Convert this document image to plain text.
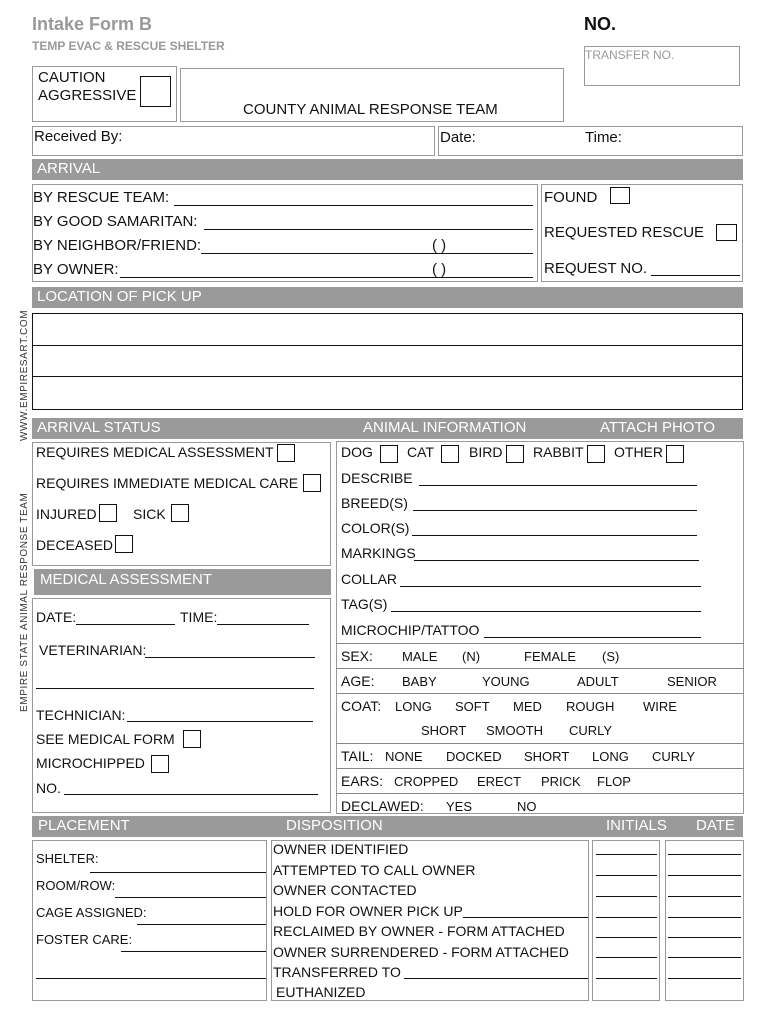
Intake Form B
TEMP EVAC & RESCUE SHELTER
NO.
TRANSFER NO.
CAUTION
AGGRESSIVE
COUNTY ANIMAL RESPONSE TEAM
Received By:	Date:	Time:
ARRIVAL
BY RESCUE TEAM:
BY GOOD SAMARITAN:
BY NEIGHBOR/FRIEND:	( )
BY OWNER:	( )
FOUND
REQUESTED RESCUE
REQUEST NO.
LOCATION OF PICK UP
WWW.EMPIRESART.COM
EMPIRE STATE ANIMAL RESPONSE TEAM
ARRIVAL STATUS	ANIMAL INFORMATION	ATTACH PHOTO
REQUIRES MEDICAL ASSESSMENT
REQUIRES IMMEDIATE MEDICAL CARE
INJURED	SICK
DECEASED
MEDICAL ASSESSMENT
DATE:	TIME:
VETERINARIAN:
TECHNICIAN:
SEE MEDICAL FORM
MICROCHIPPED
NO.
DOG CAT	BIRD RABBIT OTHER
DESCRIBE
BREED(S)
COLOR(S)
MARKINGS
COLLAR
TAG(S)
MICROCHIP/TATTOO
SEX: MALE (N)	FEMALE (S)
AGE: BABY	YOUNG	ADULT	SENIOR
COAT: LONG SOFT MED ROUGH WIRE
SHORT SMOOTH CURLY
TAIL: NONE DOCKED SHORT LONG CURLY
EARS: CROPPED ERECT PRICK FLOP
DECLAWED: YES	NO
PLACEMENT	DISPOSITION	INITIALS DATE
SHELTER:
ROOM/ROW:
CAGE ASSIGNED:
FOSTER CARE:
OWNER IDENTIFIED
ATTEMPTED TO CALL OWNER
OWNER CONTACTED
HOLD FOR OWNER PICK UP
RECLAIMED BY OWNER - FORM ATTACHED
OWNER SURRENDERED - FORM ATTACHED
TRANSFERRED TO
EUTHANIZED
